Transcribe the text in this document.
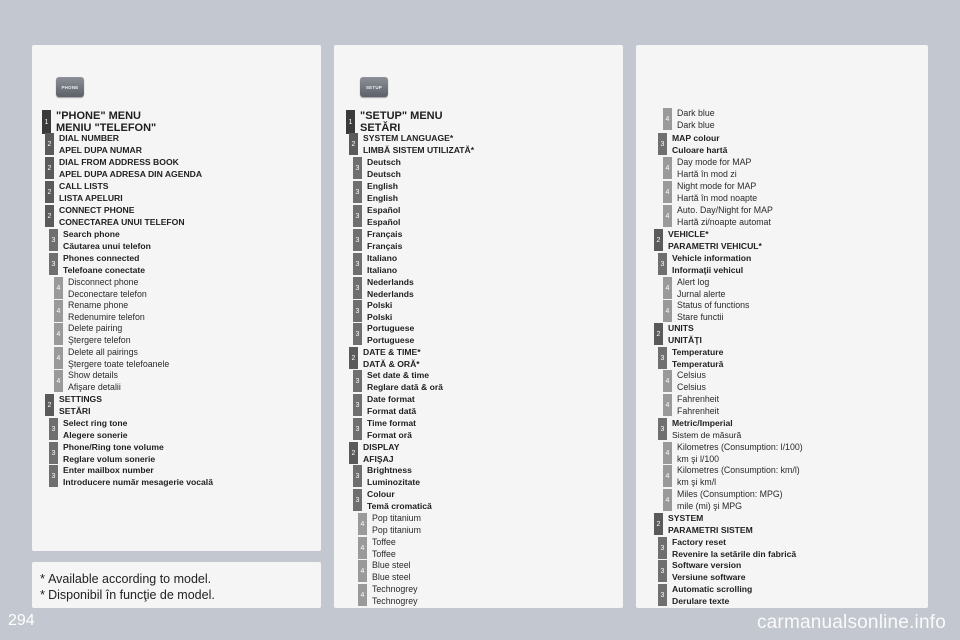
PHONE	SETUP
1 "PHONE" MENU
MENIU "TELEFON"
2
DIAL NUMBER
APEL DUPA NUMAR
2
DIAL FROM ADDRESS BOOK
APEL DUPA ADRESA DIN AGENDA
2
CALL LISTS
LISTA APELURI
2
CONNECT PHONE
CONECTAREA UNUI TELEFON
3
Search phone
Căutarea unui telefon
3
Phones connected
Telefoane conectate
4
Disconnect phone
Deconectare telefon
4
Rename phone
Redenumire telefon
4
Delete pairing
Ştergere telefon
4
Delete all pairings
Ştergere toate telefoanele
4
Show details
Afişare detalii
2
SETTINGS
SETĂRI
3
Select ring tone
Alegere sonerie
3
Phone/Ring tone volume
Reglare volum sonerie
3
Enter mailbox number
Introducere număr mesagerie vocală
1 "SETUP" MENU
SETĂRI
2
SYSTEM LANGUAGE*
LIMBĂ SISTEM UTILIZATĂ*
3
Deutsch
Deutsch
3
English
English
3
Español
Español
3
Français
Français
3
Italiano
Italiano
3
Nederlands
Nederlands
3
Polski
Polski
3
Portuguese
Portuguese
2
DATE & TIME*
DATĂ & ORĂ*
3
Set date & time
Reglare dată & oră
3
Date format
Format dată
3
Time format
Format oră
2
DISPLAY
AFIŞAJ
3
Brightness
Luminozitate
3
Colour
Temă cromatică
4
Pop titanium
Pop titanium
4
Toffee
Toffee
4
Blue steel
Blue steel
4
Technogrey
Technogrey
4
Dark blue
Dark blue
3
MAP colour
Culoare hartă
4
Day mode for MAP
Hartă în mod zi
4
Night mode for MAP
Hartă în mod noapte
4
Auto. Day/Night for MAP
Hartă zi/noapte automat
2
VEHICLE*
PARAMETRI VEHICUL*
3
Vehicle information
Informaţii vehicul
4
Alert log
Jurnal alerte
4
Status of functions
Stare functii
2
UNITS
UNITĂŢI
3
Temperature
Temperatură
4
Celsius
Celsius
4
Fahrenheit
Fahrenheit
3
Metric/Imperial
Sistem de măsură
4
Kilometres (Consumption: l/100)
km şi l/100
4
Kilometres (Consumption: km/l)
km şi km/l
4
Miles (Consumption: MPG)
mile (mi) şi MPG
2
SYSTEM
PARAMETRI SISTEM
3
Factory reset
Revenire la setările din fabrică
3
Software version
Versiune software
3
Automatic scrolling
Derulare texte
* Available according to model.
* Disponibil în funcţie de model.
294	carmanualsonline.info
